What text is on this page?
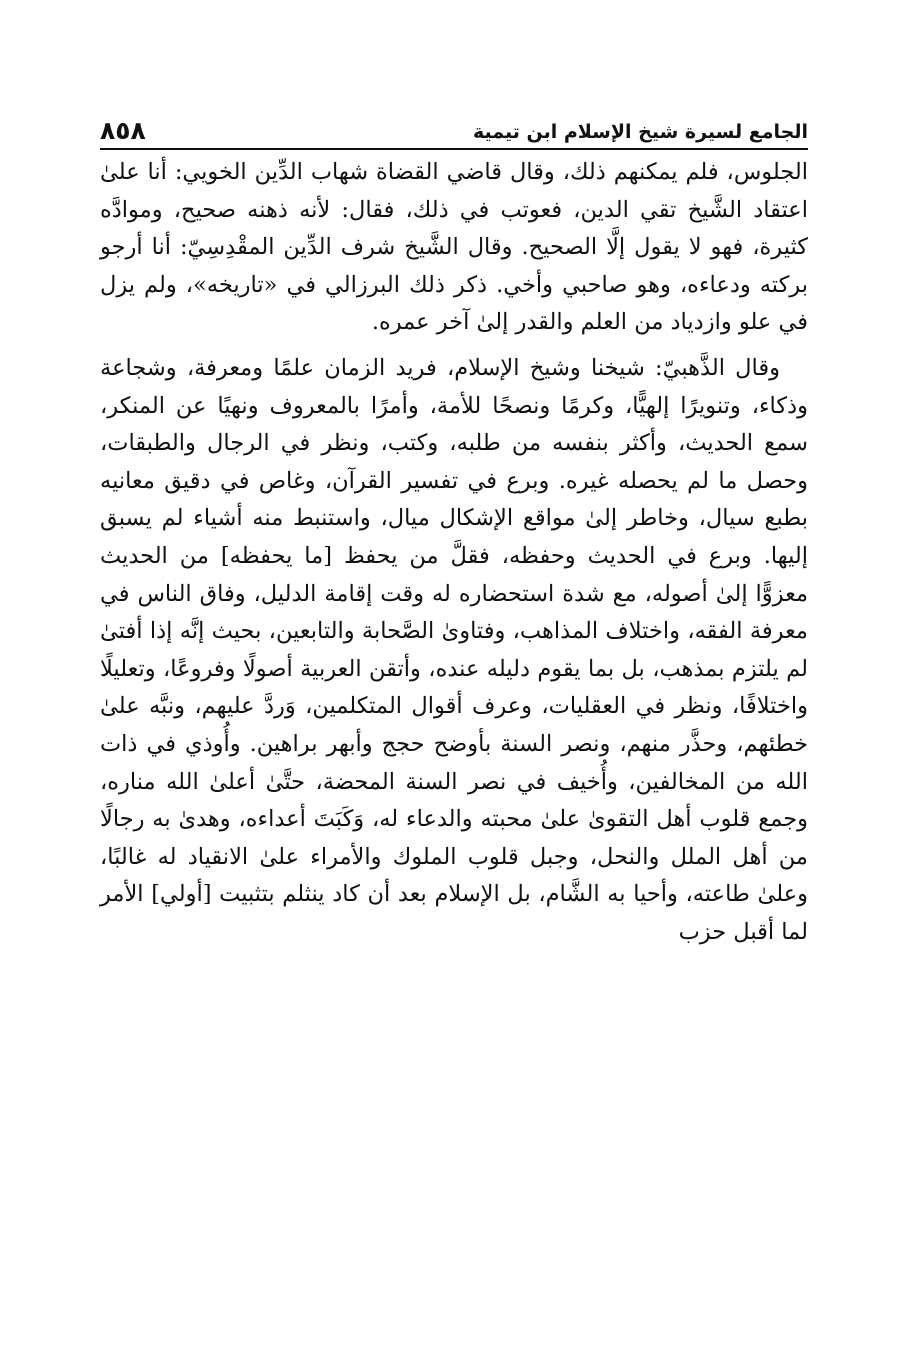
الجامع لسيرة شيخ الإسلام ابن تيمية
٨٥٨

الجلوس، فلم يمكنهم ذلك، وقال قاضي القضاة شهاب الدِّين الخويي: أنا علىٰ اعتقاد الشَّيخ تقي الدين، فعوتب في ذلك، فقال: لأنه ذهنه صحيح، وموادَّه كثيرة، فهو لا يقول إلَّا الصحيح. وقال الشَّيخ شرف الدِّين المقْدِسِيّ: أنا أرجو بركته ودعاءه، وهو صاحبي وأخي. ذكر ذلك البرزالي في «تاريخه»، ولم يزل في علو وازدياد من العلم والقدر إلىٰ آخر عمره.

وقال الذَّهبيّ: شيخنا وشيخ الإسلام، فريد الزمان علمًا ومعرفة، وشجاعة وذكاء، وتنويرًا إلهيًّا، وكرمًا ونصحًا للأمة، وأمرًا بالمعروف ونهيًا عن المنكر، سمع الحديث، وأكثر بنفسه من طلبه، وكتب، ونظر في الرجال والطبقات، وحصل ما لم يحصله غيره. وبرع في تفسير القرآن، وغاص في دقيق معانيه بطبع سيال، وخاطر إلىٰ مواقع الإشكال ميال، واستنبط منه أشياء لم يسبق إليها. وبرع في الحديث وحفظه، فقلَّ من يحفظ [ما يحفظه] من الحديث معزوًّا إلىٰ أصوله، مع شدة استحضاره له وقت إقامة الدليل، وفاق الناس في معرفة الفقه، واختلاف المذاهب، وفتاوىٰ الصَّحابة والتابعين، بحيث إنَّه إذا أفتىٰ لم يلتزم بمذهب، بل بما يقوم دليله عنده، وأتقن العربية أصولًا وفروعًا، وتعليلًا واختلافًا، ونظر في العقليات، وعرف أقوال المتكلمين، وَردَّ عليهم، ونبَّه علىٰ خطئهم، وحذَّر منهم، ونصر السنة بأوضح حجج وأبهر براهين. وأُوذي في ذات الله من المخالفين، وأُخيف في نصر السنة المحضة، حتَّىٰ أعلىٰ الله مناره، وجمع قلوب أهل التقوىٰ علىٰ محبته والدعاء له، وَكَبَتَ أعداءه، وهدىٰ به رجالًا من أهل الملل والنحل، وجبل قلوب الملوك والأمراء علىٰ الانقياد له غالبًا، وعلىٰ طاعته، وأحيا به الشَّام، بل الإسلام بعد أن كاد ينثلم بتثبيت [أولي] الأمر لما أقبل حزب
